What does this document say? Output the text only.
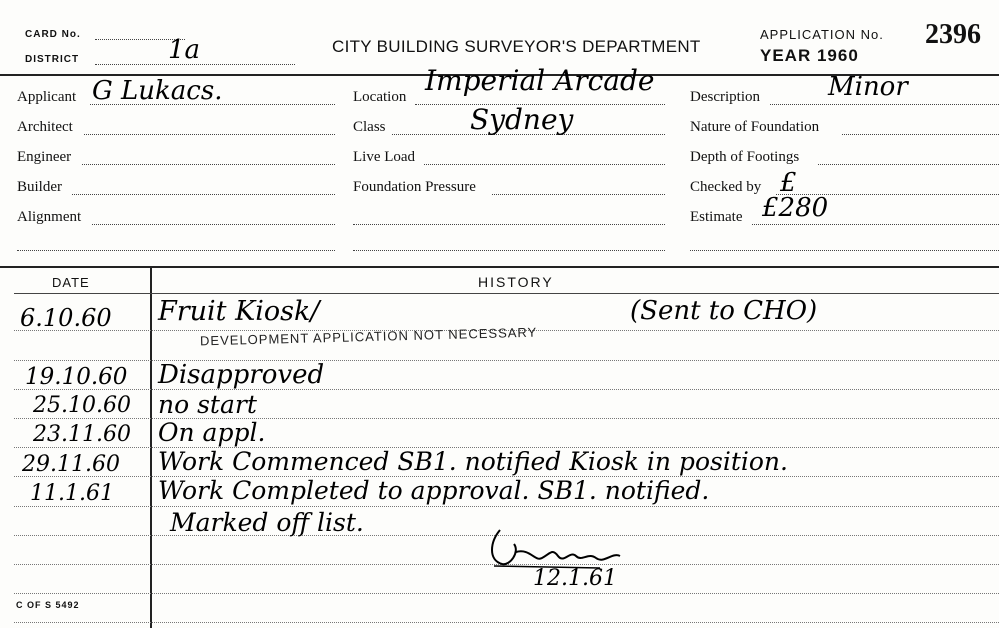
CARD No.
DISTRICT	1a	CITY BUILDING SURVEYOR'S DEPARTMENT
APPLICATION No.
YEAR 1960
2396
Applicant G Lukacs.
Architect
Engineer
Builder
Alignment
Location Imperial Arcade
Class	Sydney
Live Load
Foundation Pressure
Description	Minor
Nature of Foundation
Depth of Footings
Checked by £
Estimate £280
DATE	HISTORY
6.10.60 Fruit Kiosk/	(Sent to CHO)
DEVELOPMENT APPLICATION NOT NECESSARY
19.10.60 Disapproved
25.10.60 no start
23.11.60 On appl.
29.11.60 Work Commenced SB1. notified Kiosk in position.
11.1.61 Work Completed to approval. SB1. notified.
Marked off list.
12.1.61
C OF S 5492
